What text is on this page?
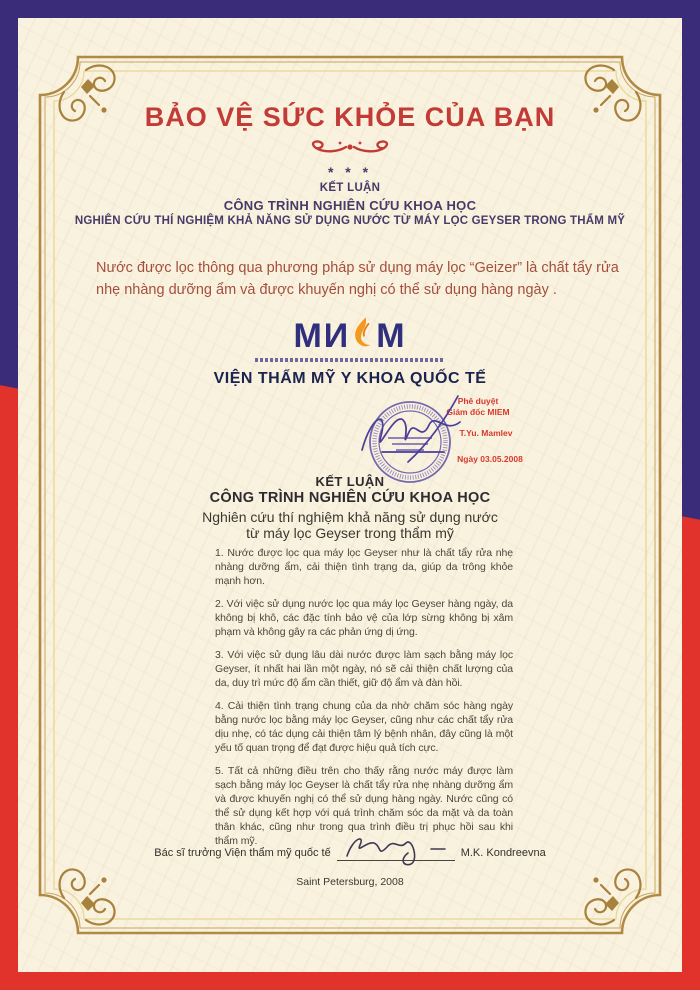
BẢO VỆ SỨC KHỎE CỦA BẠN
* * *
KẾT LUẬN
CÔNG TRÌNH NGHIÊN CỨU KHOA HỌC
NGHIÊN CỨU THÍ NGHIỆM KHẢ NĂNG SỬ DỤNG NƯỚC TỪ MÁY LỌC GEYSER TRONG THẨM MỸ
Nước được lọc thông qua phương pháp sử dụng máy lọc “Geizer” là chất tẩy rửa nhẹ nhàng dưỡng ẩm và được khuyến nghị có thể sử dụng hàng ngày .
МИ М
VIỆN THẨM MỸ Y KHOA QUỐC TẾ
Phê duyệt
Giám đốc MIEM
T.Yu. Mamlev
Ngày 03.05.2008
KẾT LUẬN
CÔNG TRÌNH NGHIÊN CỨU KHOA HỌC
Nghiên cứu thí nghiệm khả năng sử dụng nước
từ máy lọc Geyser trong thẩm mỹ

1. Nước được lọc qua máy lọc Geyser như là chất tẩy rửa nhẹ nhàng dưỡng ẩm, cải thiện tình trạng da, giúp da trông khỏe mạnh hơn.

2. Với việc sử dụng nước lọc qua máy lọc Geyser hàng ngày, da không bị khô, các đặc tính bảo vệ của lớp sừng không bị xâm phạm và không gây ra các phản ứng dị ứng.

3. Với việc sử dụng lâu dài nước được làm sạch bằng máy lọc Geyser, ít nhất hai lần một ngày, nó sẽ cải thiện chất lượng của da, duy trì mức độ ẩm cần thiết, giữ độ ẩm và đàn hồi.

4. Cải thiện tình trạng chung của da nhờ chăm sóc hàng ngày bằng nước lọc bằng máy lọc Geyser, cũng như các chất tẩy rửa dịu nhẹ, có tác dụng cải thiện tâm lý bệnh nhân, đây cũng là một yếu tố quan trọng để đạt được hiệu quả tích cực.

5. Tất cả những điều trên cho thấy rằng nước máy được làm sạch bằng máy lọc Geyser là chất tẩy rửa nhẹ nhàng dưỡng ẩm và được khuyến nghị có thể sử dụng hàng ngày. Nước cũng có thể sử dụng kết hợp với quá trình chăm sóc da mặt và da toàn thân khác, cũng như trong qua trình điều trị phục hồi sau khi thẩm mỹ.

Bác sĩ trưởng Viện thẩm mỹ quốc tế	M.K. Kondreevna
Saint Petersburg, 2008
